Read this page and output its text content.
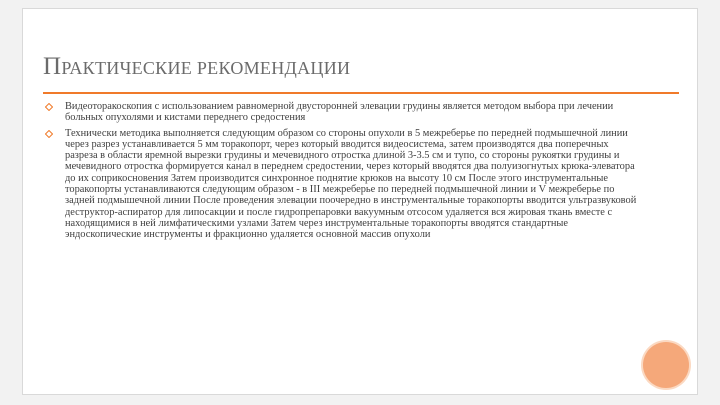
ПРАКТИЧЕСКИЕ РЕКОМЕНДАЦИИ
Видеоторакоскопия с использованием равномерной двусторонней элевации грудины является методом выбора при лечении больных опухолями и кистами переднего средостения
Технически методика выполняется следующим образом со стороны опухоли в 5 межреберье по передней подмышечной линии через разрез устанавливается 5 мм торакопорт, через который вводится видеосистема, затем производятся два поперечных разреза в области яремной вырезки грудины и мечевидного отростка длиной 3-3.5 см и тупо, со стороны рукоятки грудины и мечевидного отростка формируется канал в переднем средостении, через который вводятся два полуизогнутых крюка-элеватора до их соприкосновения Затем производится синхронное поднятие крюков на высоту 10 см После этого инструментальные торакопорты устанавливаются следующим образом - в III межреберье по передней подмышечной линии и V межреберье по задней подмышечной линии После проведения элевации поочередно в инструментальные торакопорты вводится ультразвуковой деструктор-аспиратор для липосакции и после гидропрепаровки вакуумным отсосом удаляется вся жировая ткань вместе с находящимися в ней лимфатическими узлами Затем через инструментальные торакопорты вводятся стандартные эндоскопические инструменты и фракционно удаляется основной массив опухоли
